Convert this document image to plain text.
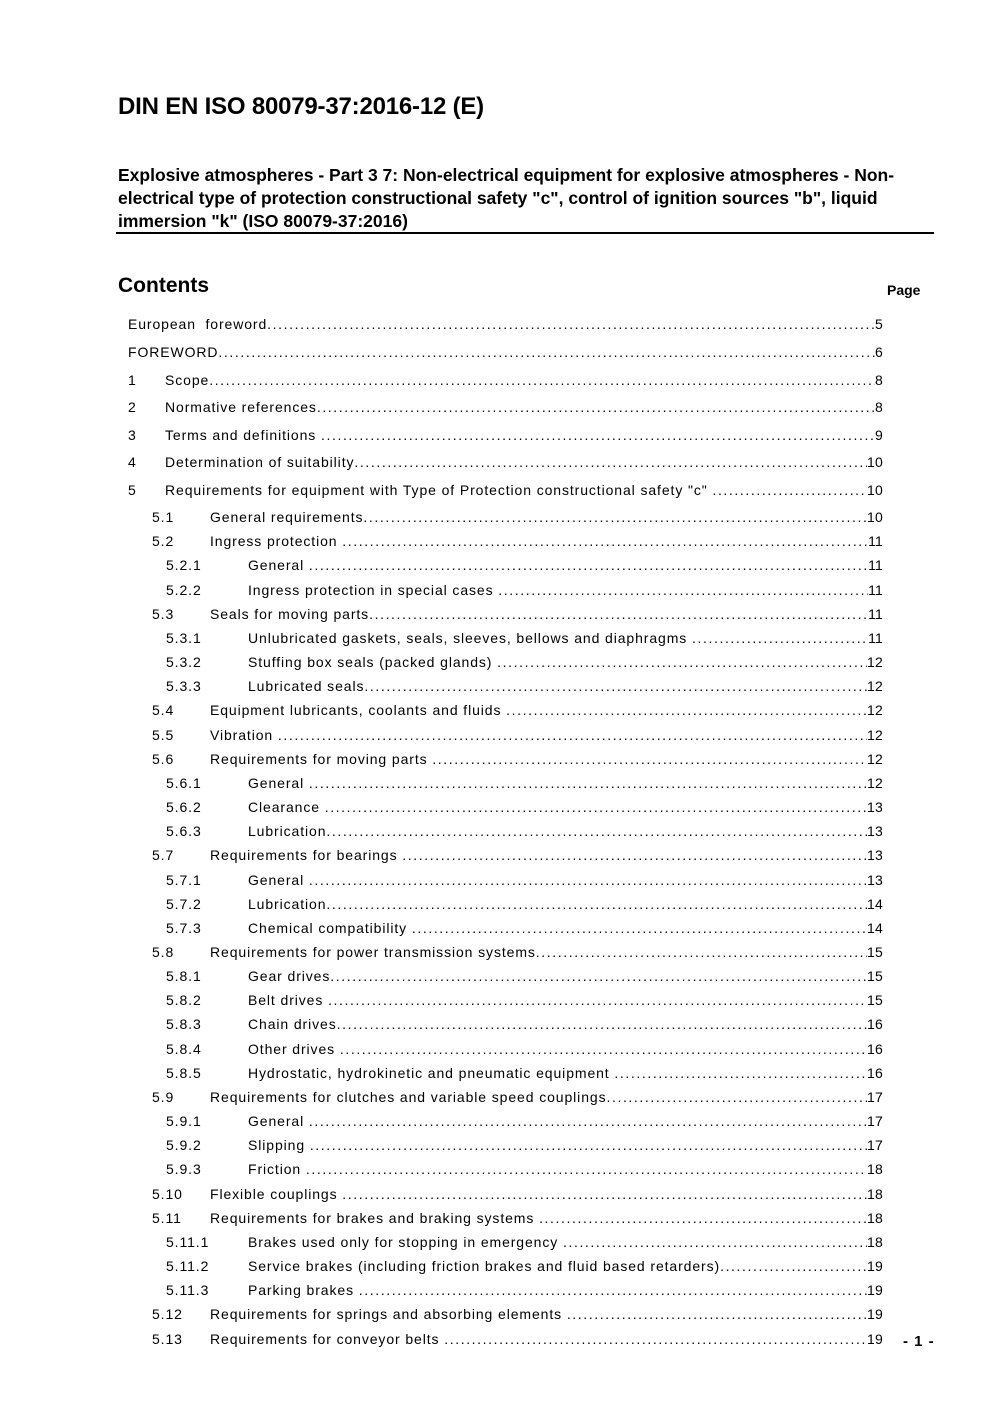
DIN EN ISO 80079-37:2016-12 (E)
Explosive atmospheres - Part 3 7: Non-electrical equipment for explosive atmospheres - Non-electrical type of protection constructional safety "c", control of ignition sources "b", liquid immersion "k" (ISO 80079-37:2016)
Contents	Page
European  foreword .....	5
FOREWORD .....	6
1 Scope .....	8
2 Normative references .....	8
3 Terms and definitions .....	9
4 Determination of suitability .....	10
5 Requirements for equipment with Type of Protection constructional safety "c" .....	10
5.1	General requirements .....	10
5.2	Ingress protection .....	11
5.2.1	General .....	11
5.2.2	Ingress protection in special cases .....	11
5.3	Seals for moving parts .....	11
5.3.1	Unlubricated gaskets, seals, sleeves, bellows and diaphragms .....	11
5.3.2	Stuffing box seals (packed glands) .....	12
5.3.3	Lubricated seals .....	12
5.4	Equipment lubricants, coolants and fluids .....	12
5.5	Vibration .....	12
5.6	Requirements for moving parts .....	12
5.6.1	General .....	12
5.6.2	Clearance .....	13
5.6.3	Lubrication .....	13
5.7	Requirements for bearings .....	13
5.7.1	General .....	13
5.7.2	Lubrication .....	14
5.7.3	Chemical compatibility .....	14
5.8	Requirements for power transmission systems .....	15
5.8.1	Gear drives .....	15
5.8.2	Belt drives .....	15
5.8.3	Chain drives .....	16
5.8.4	Other drives .....	16
5.8.5	Hydrostatic, hydrokinetic and pneumatic equipment .....	16
5.9	Requirements for clutches and variable speed couplings .....	17
5.9.1	General .....	17
5.9.2	Slipping .....	17
5.9.3	Friction .....	18
5.10 Flexible couplings .....	18
5.11 Requirements for brakes and braking systems .....	18
5.11.1	Brakes used only for stopping in emergency .....	18
5.11.2	Service brakes (including friction brakes and fluid based retarders) .....	19
5.11.3	Parking brakes .....	19
5.12 Requirements for springs and absorbing elements .....	19
5.13 Requirements for conveyor belts .....	19 - 1 -
